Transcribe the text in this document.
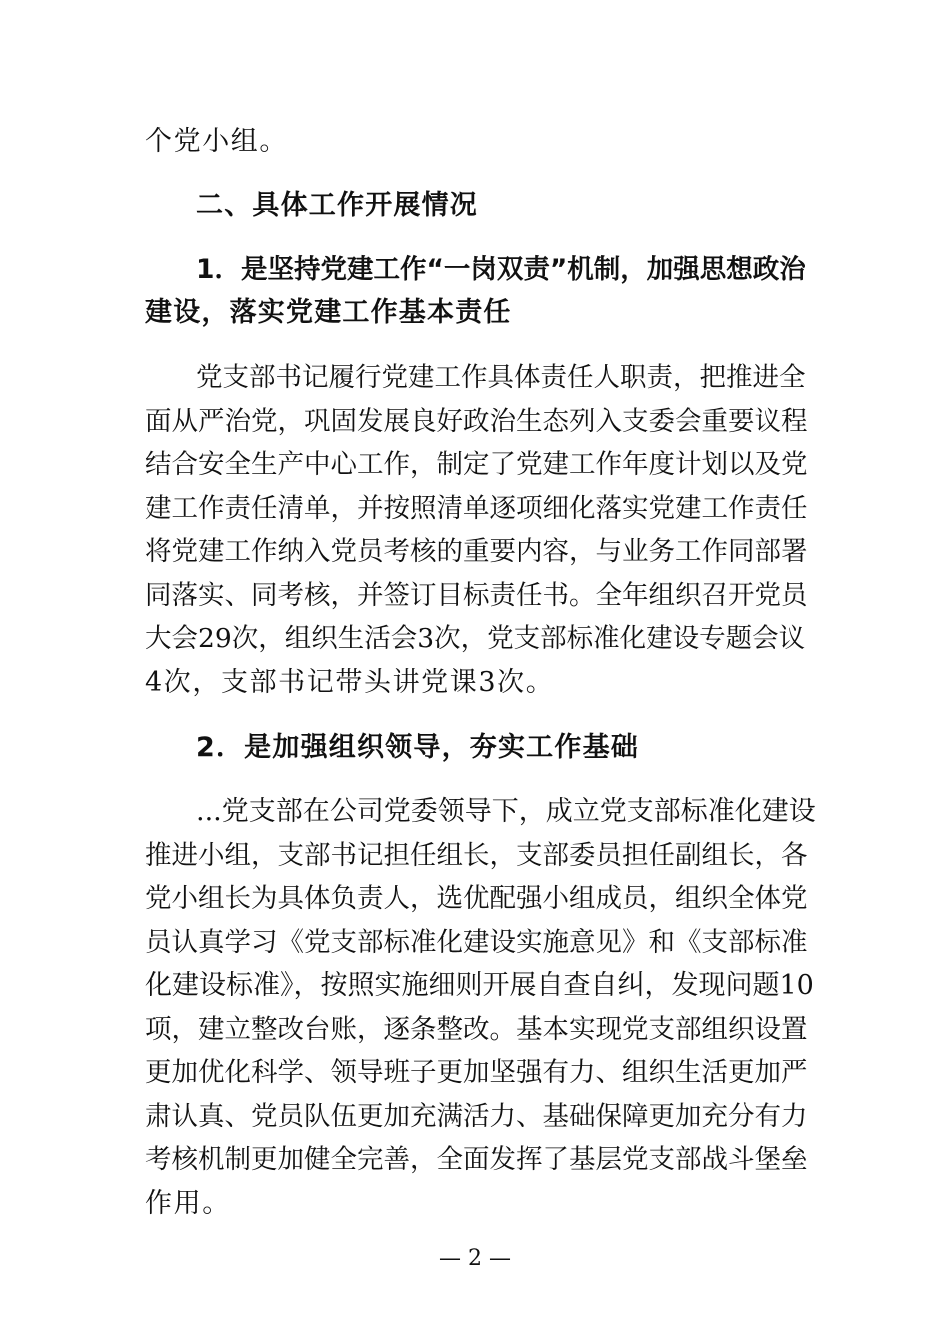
个党小组。
二、具体工作开展情况
1．是坚持党建工作“一岗双责”机制，加强思想政治
建设，落实党建工作基本责任
党支部书记履行党建工作具体责任人职责，把推进全
面从严治党，巩固发展良好政治生态列入支委会重要议程
结合安全生产中心工作，制定了党建工作年度计划以及党
建工作责任清单，并按照清单逐项细化落实党建工作责任
将党建工作纳入党员考核的重要内容，与业务工作同部署
同落实、同考核，并签订目标责任书。全年组织召开党员
大会29次，组织生活会3次，党支部标准化建设专题会议
4次，支部书记带头讲党课3次。
2．是加强组织领导，夯实工作基础
...党支部在公司党委领导下，成立党支部标准化建设
推进小组，支部书记担任组长，支部委员担任副组长，各
党小组长为具体负责人，选优配强小组成员，组织全体党
员认真学习《党支部标准化建设实施意见》和《支部标准
化建设标准》，按照实施细则开展自查自纠，发现问题10
项，建立整改台账，逐条整改。基本实现党支部组织设置
更加优化科学、领导班子更加坚强有力、组织生活更加严
肃认真、党员队伍更加充满活力、基础保障更加充分有力
考核机制更加健全完善，全面发挥了基层党支部战斗堡垒
作用。
— 2 —
